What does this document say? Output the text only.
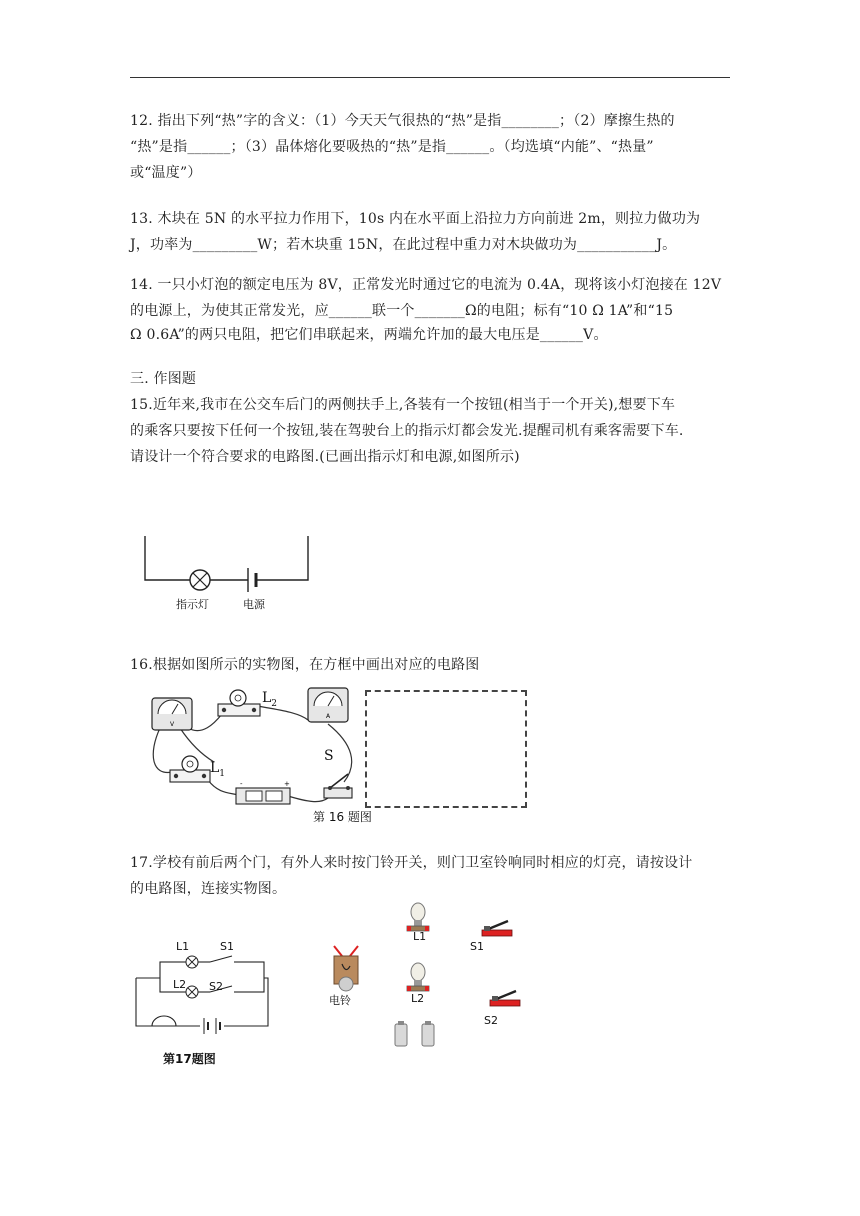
12. 指出下列“热”字的含义：（1）今天天气很热的“热”是指________；（2）摩擦生热的

“热”是指______；（3）晶体熔化要吸热的“热”是指______。（均选填“内能”、“热量”

或“温度”）

13. 木块在 5N 的水平拉力作用下，10s 内在水平面上沿拉力方向前进 2m，则拉力做功为

J，功率为_________W；若木块重 15N，在此过程中重力对木块做功为___________J。

14. 一只小灯泡的额定电压为 8V，正常发光时通过它的电流为 0.4A，现将该小灯泡接在 12V

的电源上，为使其正常发光，应______联一个_______Ω的电阻；标有“10 Ω 1A”和“15

Ω 0.6A”的两只电阻，把它们串联起来，两端允许加的最大电压是______V。

三. 作图题

15.近年来,我市在公交车后门的两侧扶手上,各装有一个按钮(相当于一个开关),想要下车

的乘客只要按下任何一个按钮,装在驾驶台上的指示灯都会发光.提醒司机有乘客需要下车.

请设计一个符合要求的电路图.(已画出指示灯和电源,如图所示)

指示灯	电源

16.根据如图所示的实物图，在方框中画出对应的电路图

V
A
-	+
$L_2$
$L_1$
S
第 16 题图

17.学校有前后两个门，有外人来时按门铃开关，则门卫室铃响同时相应的灯亮，请按设计

的电路图，连接实物图。

L1	S1
L2 S2
第17题图
电铃
L1
S1
L2
S2
